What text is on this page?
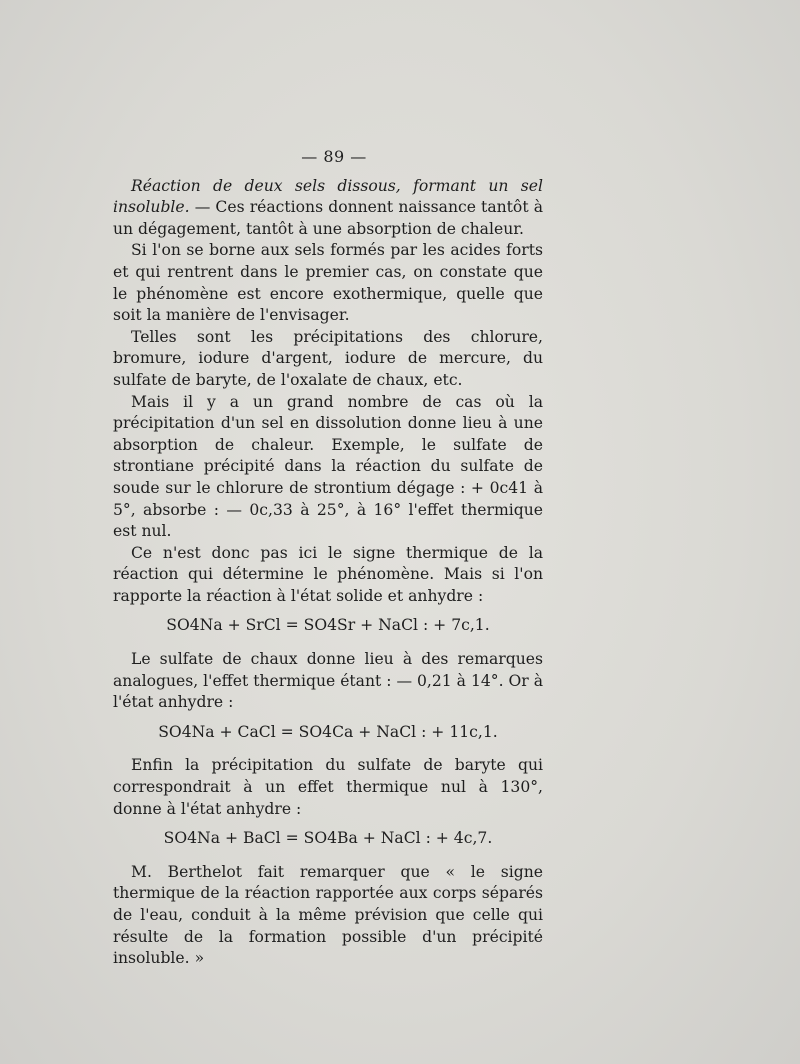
— 89 —

Réaction de deux sels dissous, formant un sel insoluble. — Ces réactions donnent naissance tantôt à un dégagement, tantôt à une absorption de chaleur.

Si l'on se borne aux sels formés par les acides forts et qui rentrent dans le premier cas, on constate que le phénomène est encore exothermique, quelle que soit la manière de l'envisager.

Telles sont les précipitations des chlorure, bromure, iodure d'argent, iodure de mercure, du sulfate de baryte, de l'oxalate de chaux, etc.

Mais il y a un grand nombre de cas où la précipitation d'un sel en dissolution donne lieu à une absorption de chaleur. Exemple, le sulfate de strontiane précipité dans la réaction du sulfate de soude sur le chlorure de strontium dégage : + 0c41 à 5°, absorbe : — 0c,33 à 25°, à 16° l'effet thermique est nul.

Ce n'est donc pas ici le signe thermique de la réaction qui détermine le phénomène. Mais si l'on rapporte la réaction à l'état solide et anhydre :

SO4Na + SrCl = SO4Sr + NaCl : + 7c,1.

Le sulfate de chaux donne lieu à des remarques analogues, l'effet thermique étant : — 0,21 à 14°. Or à l'état anhydre :

SO4Na + CaCl = SO4Ca + NaCl : + 11c,1.

Enfin la précipitation du sulfate de baryte qui correspondrait à un effet thermique nul à 130°, donne à l'état anhydre :

SO4Na + BaCl = SO4Ba + NaCl : + 4c,7.

M. Berthelot fait remarquer que « le signe thermique de la réaction rapportée aux corps séparés de l'eau, conduit à la même prévision que celle qui résulte de la formation possible d'un précipité insoluble. »
